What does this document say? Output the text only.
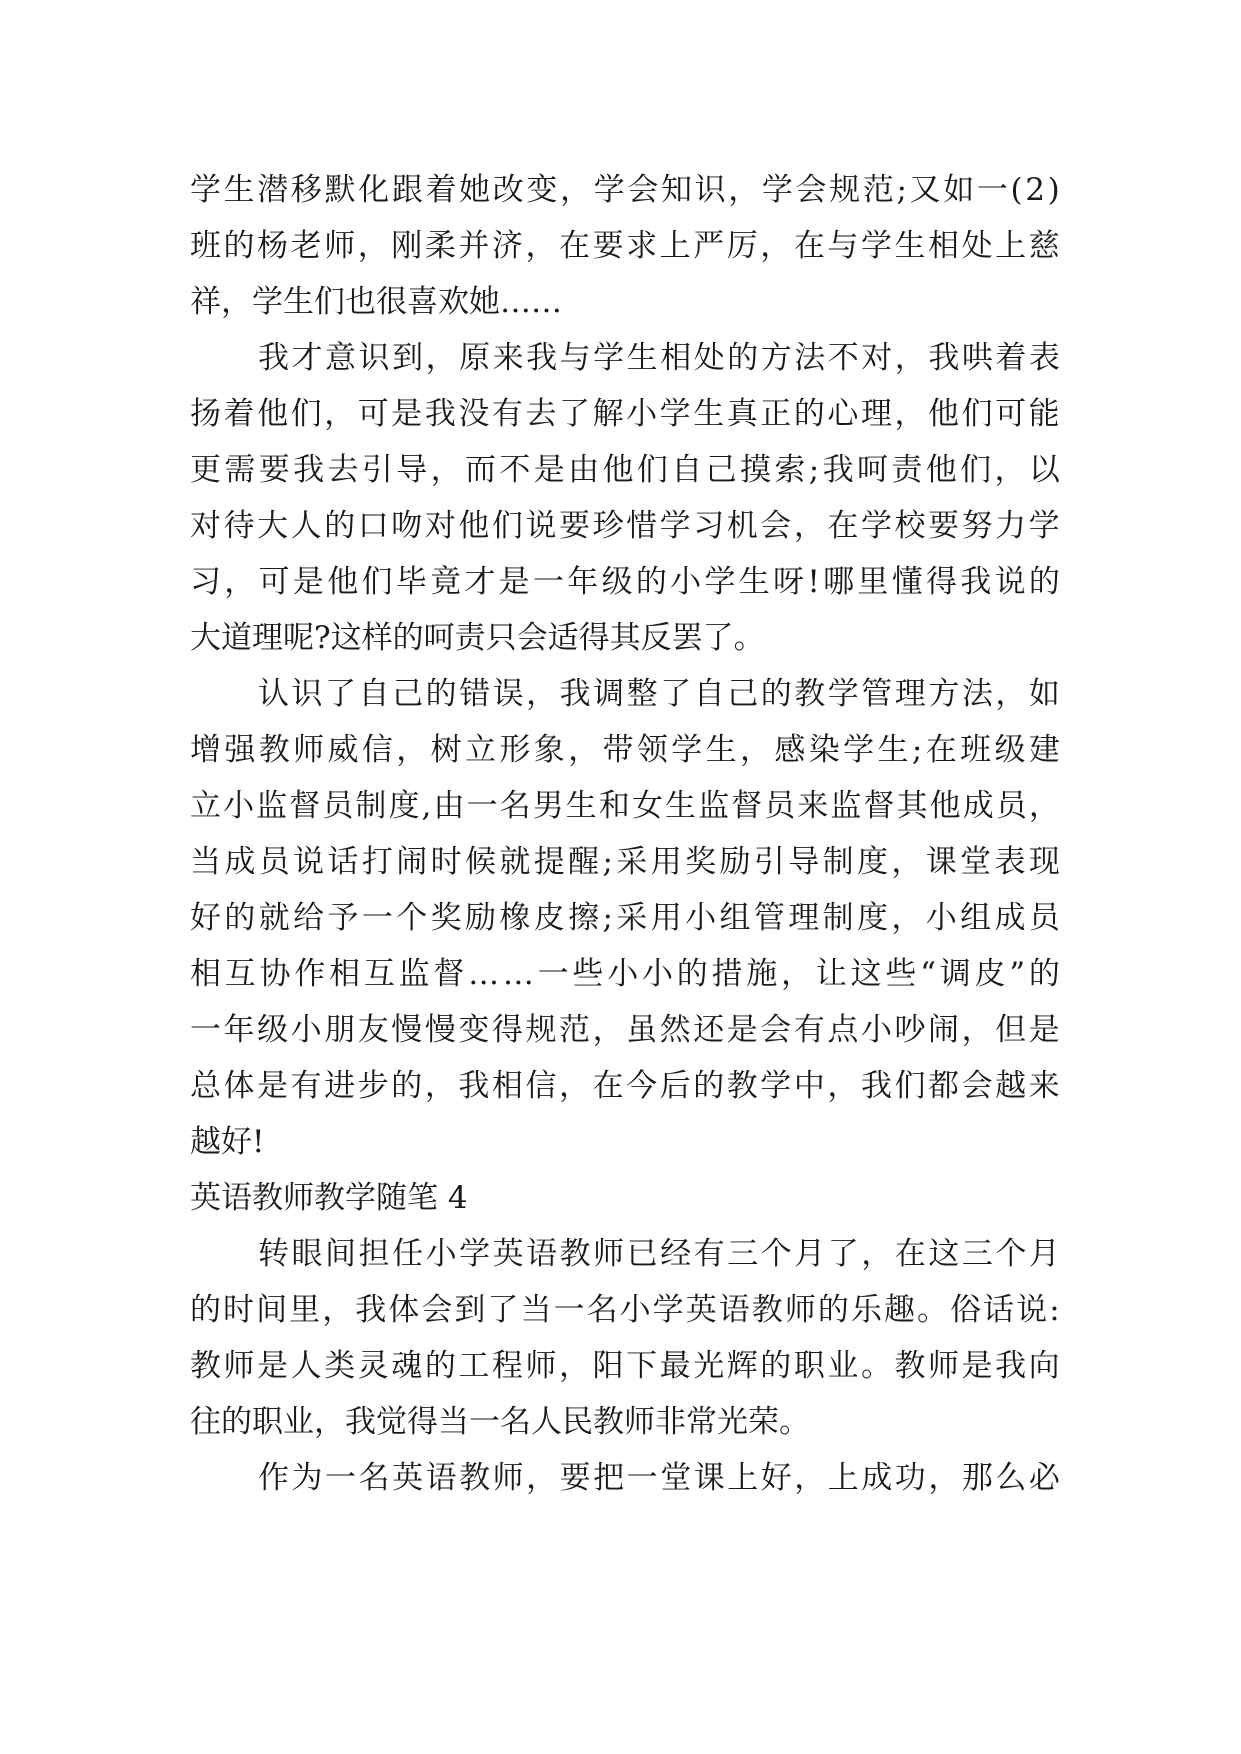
学 生 潜 移 默 化 跟 着 她 改 变 ， 学 会 知 识 ， 学 会 规 范 ; 又 如 一 ( 2 )
班 的 杨 老 师 ， 刚 柔 并 济 ， 在 要 求 上 严 厉 ， 在 与 学 生 相 处 上 慈
祥，学生们也很喜欢她……
我 才 意 识 到 ， 原 来 我 与 学 生 相 处 的 方 法 不 对 ， 我 哄 着 表
扬 着 他 们 ， 可 是 我 没 有 去 了 解 小 学 生 真 正 的 心 理 ， 他 们 可 能
更 需 要 我 去 引 导 ， 而 不 是 由 他 们 自 己 摸 索 ; 我 呵 责 他 们 ， 以
对 待 大 人 的 口 吻 对 他 们 说 要 珍 惜 学 习 机 会 ， 在 学 校 要 努 力 学
习 ， 可 是 他 们 毕 竟 才 是 一 年 级 的 小 学 生 呀 ! 哪 里 懂 得 我 说 的
大道理呢?这样的呵责只会适得其反罢了。
认 识 了 自 己 的 错 误 ， 我 调 整 了 自 己 的 教 学 管 理 方 法 ， 如
增 强 教 师 威 信 ， 树 立 形 象 ， 带 领 学 生 ， 感 染 学 生 ; 在 班 级 建
立 小 监 督 员 制 度 , 由 一 名 男 生 和 女 生 监 督 员 来 监 督 其 他 成 员 ，
当 成 员 说 话 打 闹 时 候 就 提 醒 ; 采 用 奖 励 引 导 制 度 ， 课 堂 表 现
好 的 就 给 予 一 个 奖 励 橡 皮 擦 ; 采 用 小 组 管 理 制 度 ， 小 组 成 员
相 互 协 作 相 互 监 督 … … 一 些 小 小 的 措 施 ， 让 这 些 “ 调 皮 ” 的
一 年 级 小 朋 友 慢 慢 变 得 规 范 ， 虽 然 还 是 会 有 点 小 吵 闹 ， 但 是
总 体 是 有 进 步 的 ， 我 相 信 ， 在 今 后 的 教 学 中 ， 我 们 都 会 越 来
越好!
英语教师教学随笔 4
转 眼 间 担 任 小 学 英 语 教 师 已 经 有 三 个 月 了 ， 在 这 三 个 月
的 时 间 里 ， 我 体 会 到 了 当 一 名 小 学 英 语 教 师 的 乐 趣 。 俗 话 说 :
教 师 是 人 类 灵 魂 的 工 程 师 ， 阳 下 最 光 辉 的 职 业 。 教 师 是 我 向
往的职业，我觉得当一名人民教师非常光荣。
作 为 一 名 英 语 教 师 ， 要 把 一 堂 课 上 好 ， 上 成 功 ， 那 么 必
